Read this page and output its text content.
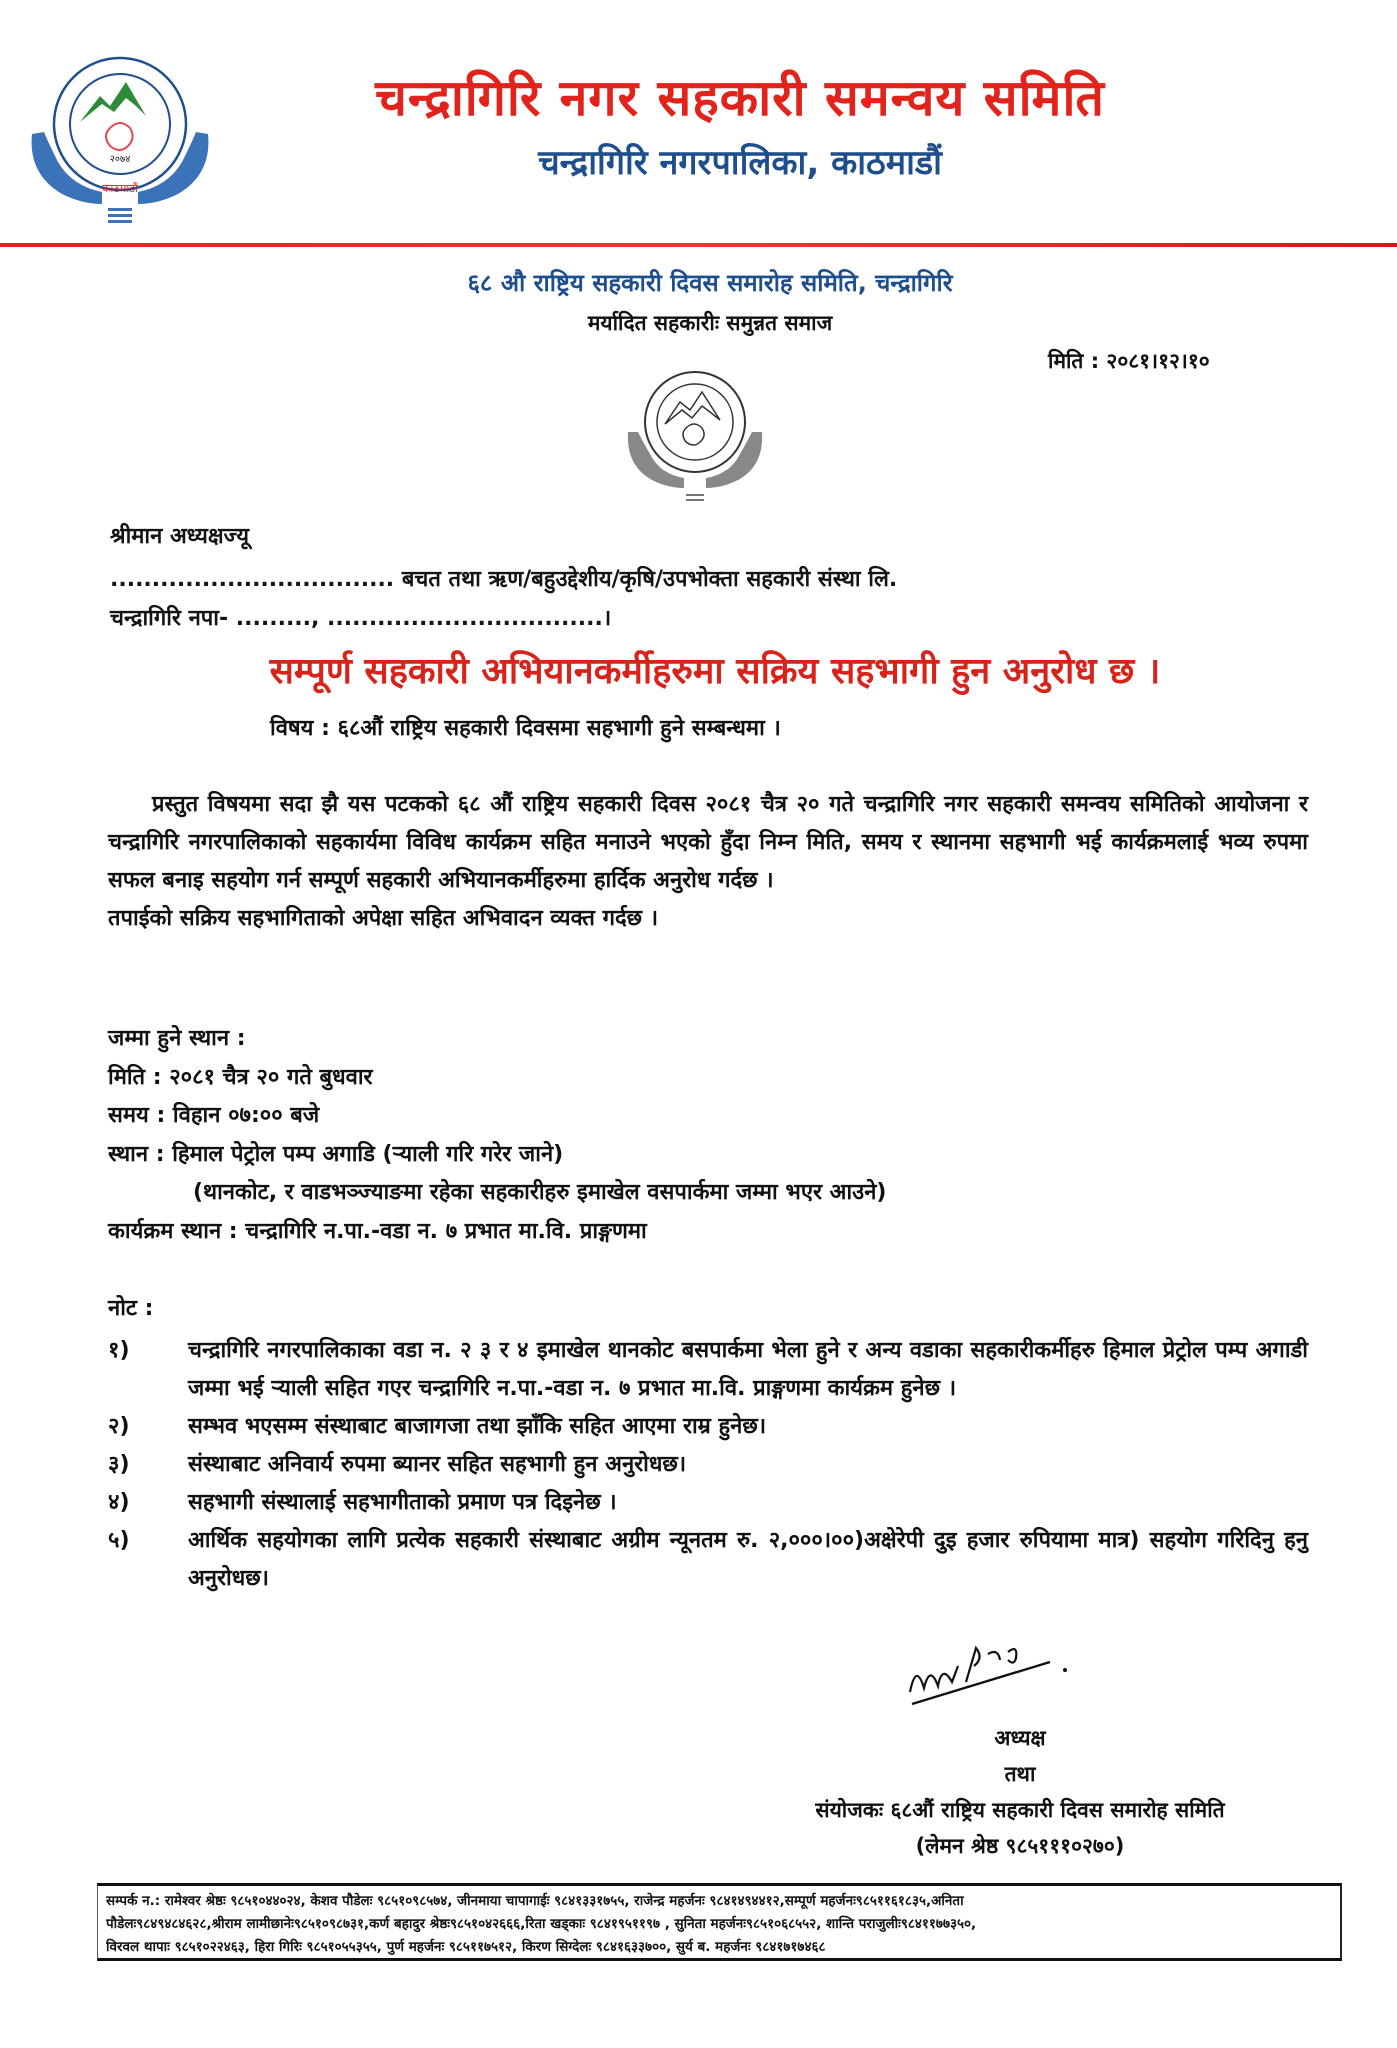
२०७४
काठमाडौं
चन्द्रागिरि नगर सहकारी समन्वय समिति
चन्द्रागिरि नगरपालिका, काठमाडौं
६८ औ राष्ट्रिय सहकारी दिवस समारोह समिति, चन्द्रागिरि
मर्यादित सहकारीः समुन्नत समाज
मिति : २०८१।१२।१०
श्रीमान अध्यक्षज्यू
.................................. बचत तथा ऋण/बहुउद्देशीय/कृषि/उपभोक्ता सहकारी संस्था लि.
चन्द्रागिरि नपा- ........., .................................।
सम्पूर्ण सहकारी अभियानकर्मीहरुमा सक्रिय सहभागी हुन अनुरोध छ ।
विषय : ६८औं राष्ट्रिय सहकारी दिवसमा सहभागी हुने सम्बन्धमा ।

प्रस्तुत विषयमा सदा झै यस पटकको ६८ औं राष्ट्रिय सहकारी दिवस २०८१ चैत्र २० गते चन्द्रागिरि नगर सहकारी समन्वय समितिको आयोजना र चन्द्रागिरि नगरपालिकाको सहकार्यमा विविध कार्यक्रम सहित मनाउने भएको हुँदा निम्न मिति, समय र स्थानमा सहभागी भई कार्यक्रमलाई भव्य रुपमा सफल बनाइ सहयोग गर्न सम्पूर्ण सहकारी अभियानकर्मीहरुमा हार्दिक अनुरोध गर्दछ ।

तपाईको सक्रिय सहभागिताको अपेक्षा सहित अभिवादन व्यक्त गर्दछ ।

जम्मा हुने स्थान :
मिति : २०८१ चैत्र २० गते बुधवार
समय : विहान ०७:०० बजे
स्थान : हिमाल पेट्रोल पम्प अगाडि (र्‍याली गरि गरेर जाने)
(थानकोट, र वाडभञ्ज्याङमा रहेका सहकारीहरु इमाखेल वसपार्कमा जम्मा भएर आउने)
कार्यक्रम स्थान : चन्द्रागिरि न.पा.-वडा न. ७ प्रभात मा.वि. प्राङ्गणमा
नोट :
१)	चन्द्रागिरि नगरपालिकाका वडा न. २ ३ र ४ इमाखेल थानकोट बसपार्कमा भेला हुने र अन्य वडाका सहकारीकर्मीहरु हिमाल प्रेट्रोल पम्प अगाडी जम्मा भई र्‍याली सहित गएर चन्द्रागिरि न.पा.-वडा न. ७ प्रभात मा.वि. प्राङ्गणमा कार्यक्रम हुनेछ ।
२)	सम्भव भएसम्म संस्थाबाट बाजागजा तथा झाँकि सहित आएमा राम्र हुनेछ।
३)	संस्थाबाट अनिवार्य रुपमा ब्यानर सहित सहभागी हुन अनुरोधछ।
४)	सहभागी संस्थालाई सहभागीताको प्रमाण पत्र दिइनेछ ।
५)	आर्थिक सहयोगका लागि प्रत्येक सहकारी संस्थाबाट अग्रीम न्यूनतम रु. २,०००।००)अक्षेरेपी दुइ हजार रुपियामा मात्र) सहयोग गरिदिनु हनु अनुरोधछ।
अध्यक्ष
तथा
संयोजकः ६८औं राष्ट्रिय सहकारी दिवस समारोह समिति
(लेमन श्रेष्ठ ९८५१११०२७०)
सम्पर्क न.: रामेश्वर श्रेष्ठः ९८५१०४४०२४, केशव पौडेलः ९८५१०९८५७४, जीनमाया चापागाईः ९८४१३३१७५५, राजेन्द्र महर्जनः ९८४१४९४४१२,सम्पूर्ण महर्जनः९८५११६१८३५,अनिता
पौडेलः९८४९४८४६२८,श्रीराम लामीछानेः९८५१०९८७३१,कर्ण बहादुर श्रेष्ठः९८५१०४२६६६,रिता खड्काः ९८४१९५११९७ , सुनिता महर्जनः९८५१०६८५५२, शान्ति पराजुलीः९८४११७७३५०,
विरवल थापाः ९८५१०२२४६३, हिरा गिरिः ९८५१०५५३५५, पुर्ण महर्जनः ९८५११७५१२, किरण सिग्देलः ९८४१६३३७००, सुर्य ब. महर्जनः ९८४१७१७४६८
